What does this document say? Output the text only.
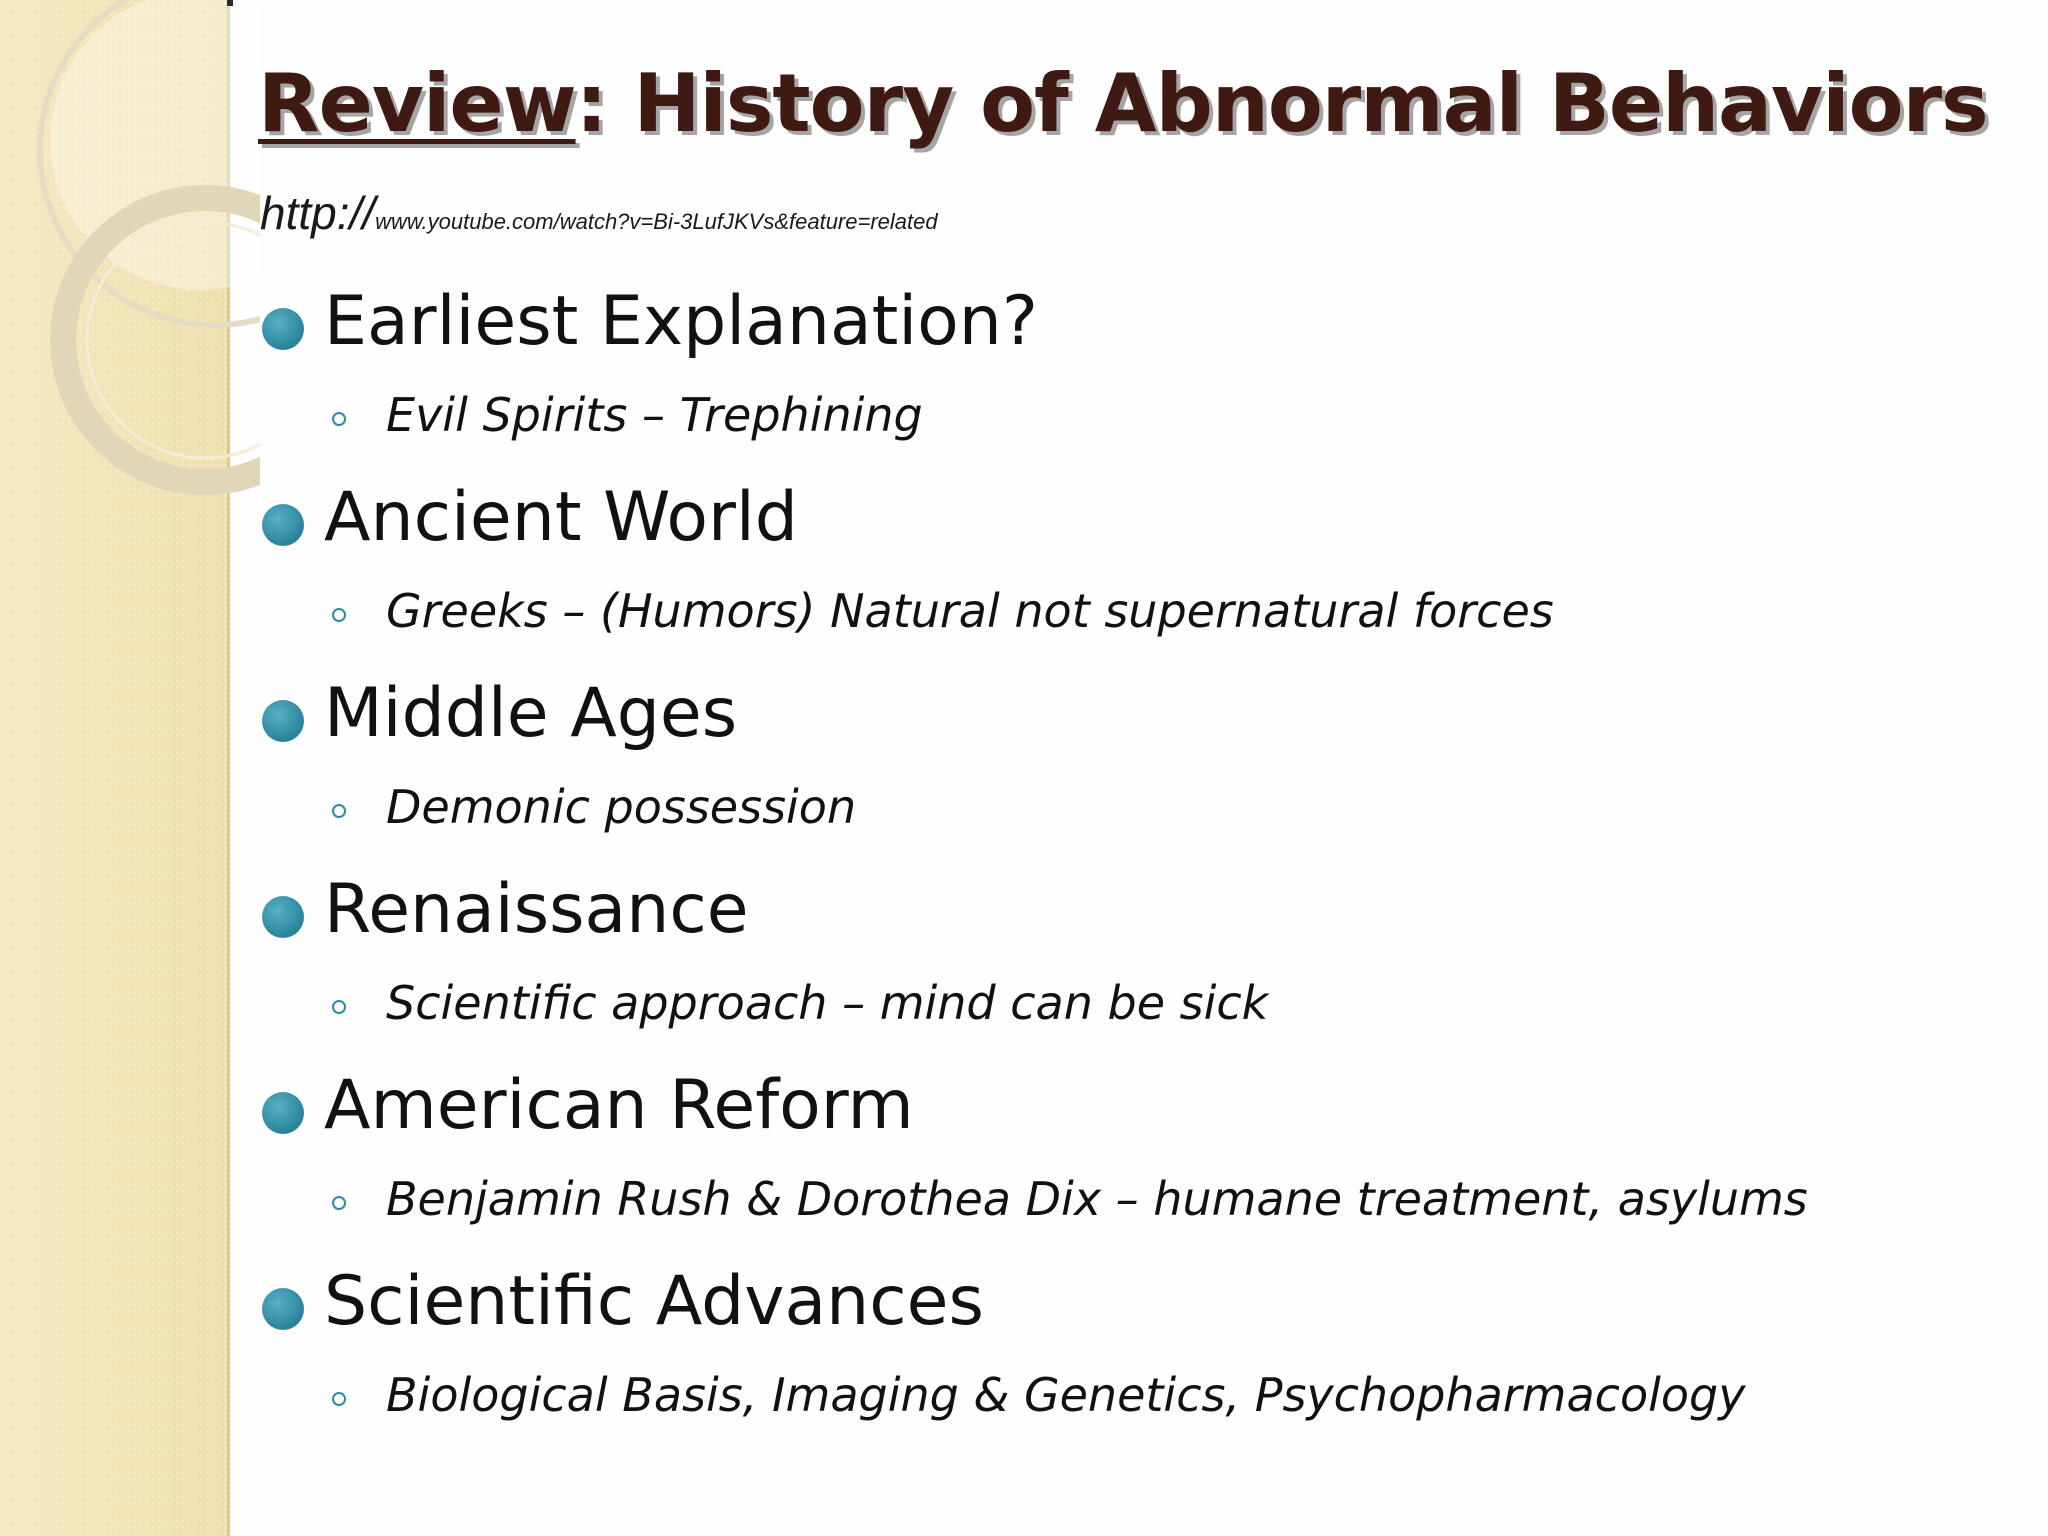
Review: History of Abnormal Behaviors
http://www.youtube.com/watch?v=Bi-3LufJKVs&feature=related
Earliest Explanation?
Evil Spirits – Trephining
Ancient World
Greeks – (Humors) Natural not supernatural forces
Middle Ages
Demonic possession
Renaissance
Scientific approach – mind can be sick
American Reform
Benjamin Rush & Dorothea Dix – humane treatment, asylums
Scientific Advances
Biological Basis, Imaging & Genetics, Psychopharmacology
